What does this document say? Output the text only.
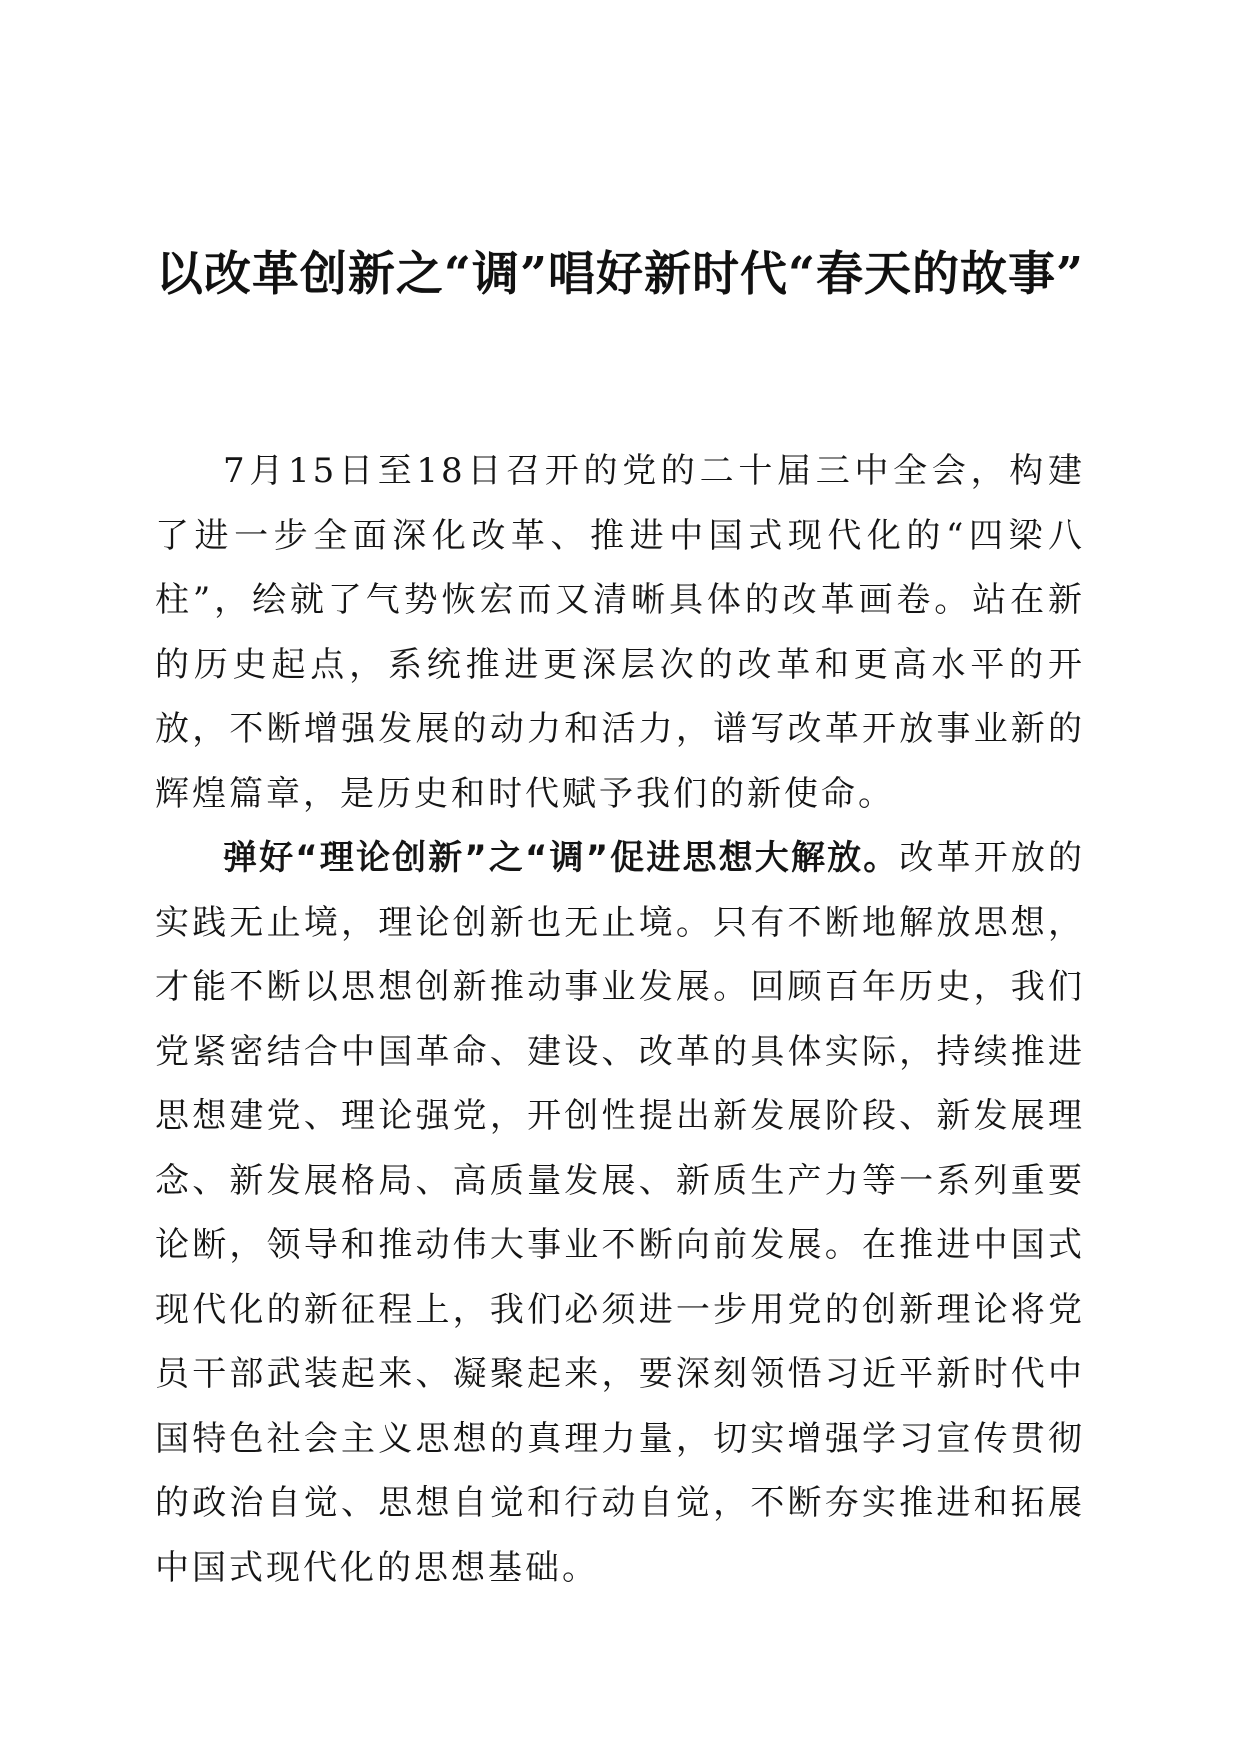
以改革创新之“调”唱好新时代“春天的故事”

7月15日至18日召开的党的二十届三中全会，构建了进一步全面深化改革、推进中国式现代化的“四梁八柱”，绘就了气势恢宏而又清晰具体的改革画卷。站在新的历史起点，系统推进更深层次的改革和更高水平的开放，不断增强发展的动力和活力，谱写改革开放事业新的辉煌篇章，是历史和时代赋予我们的新使命。

弹好“理论创新”之“调”促进思想大解放。改革开放的实践无止境，理论创新也无止境。只有不断地解放思想，才能不断以思想创新推动事业发展。回顾百年历史，我们党紧密结合中国革命、建设、改革的具体实际，持续推进思想建党、理论强党，开创性提出新发展阶段、新发展理念、新发展格局、高质量发展、新质生产力等一系列重要论断，领导和推动伟大事业不断向前发展。在推进中国式现代化的新征程上，我们必须进一步用党的创新理论将党员干部武装起来、凝聚起来，要深刻领悟习近平新时代中国特色社会主义思想的真理力量，切实增强学习宣传贯彻的政治自觉、思想自觉和行动自觉，不断夯实推进和拓展中国式现代化的思想基础。
